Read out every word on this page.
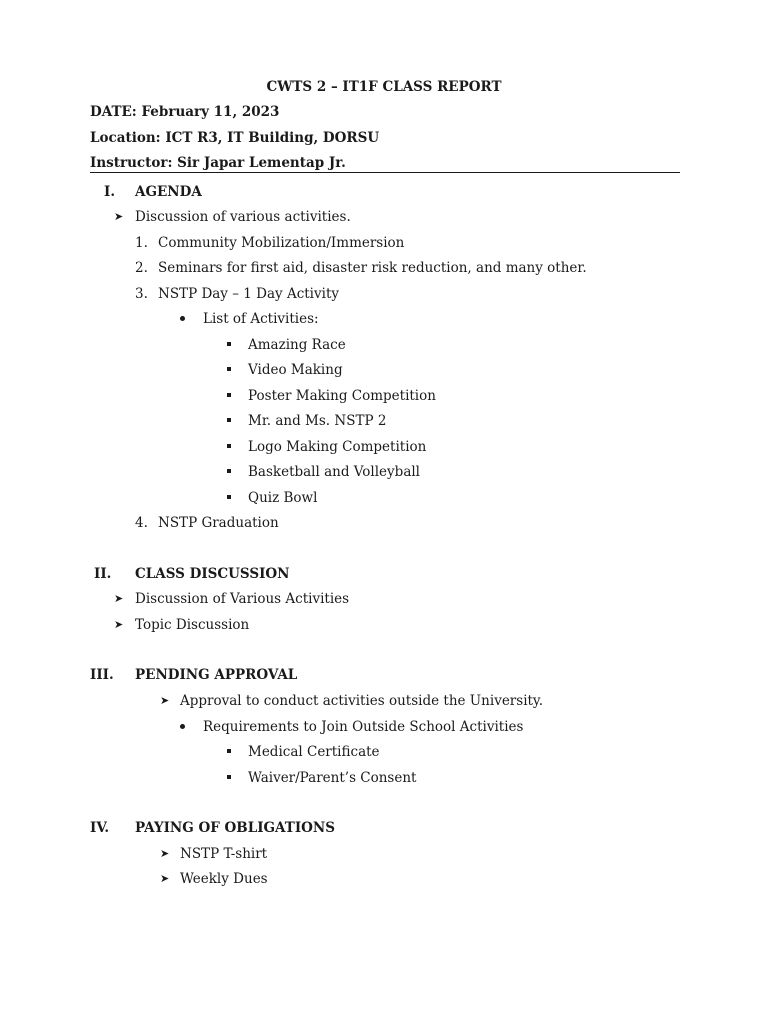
CWTS 2 – IT1F CLASS REPORT
DATE: February 11, 2023
Location: ICT R3, IT Building, DORSU
Instructor: Sir Japar Lementap Jr.
I. AGENDA
➤ Discussion of various activities.
1. Community Mobilization/Immersion
2. Seminars for first aid, disaster risk reduction, and many other.
3. NSTP Day – 1 Day Activity
List of Activities:
Amazing Race
Video Making
Poster Making Competition
Mr. and Ms. NSTP 2
Logo Making Competition
Basketball and Volleyball
Quiz Bowl
4. NSTP Graduation
II. CLASS DISCUSSION
➤ Discussion of Various Activities
➤ Topic Discussion
III. PENDING APPROVAL
➤ Approval to conduct activities outside the University.
Requirements to Join Outside School Activities
Medical Certificate
Waiver/Parent’s Consent
IV. PAYING OF OBLIGATIONS
➤ NSTP T-shirt
➤ Weekly Dues
